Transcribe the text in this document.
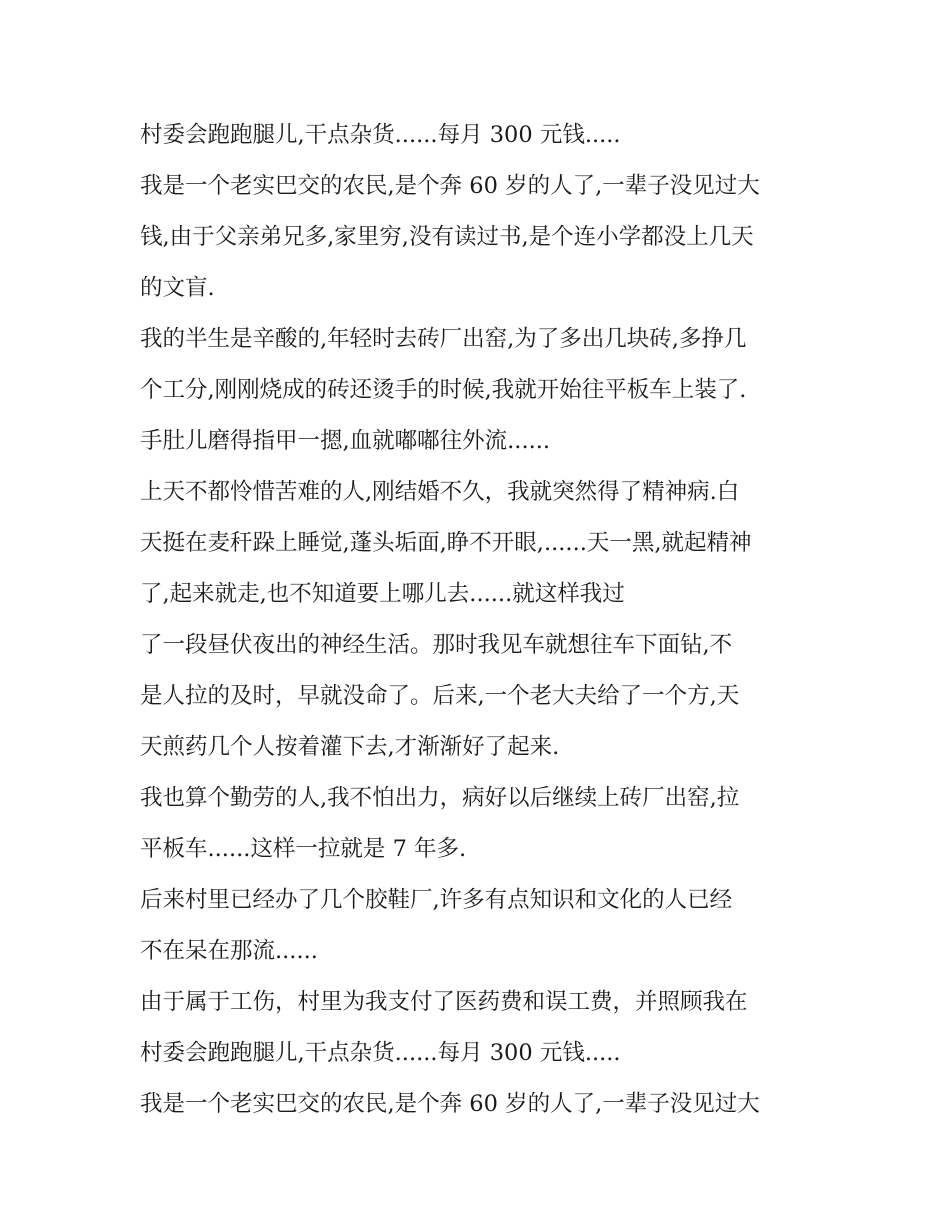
村委会跑跑腿儿,干点杂货......每月 300 元钱.....
我是一个老实巴交的农民,是个奔 60 岁的人了,一辈子没见过大
钱,由于父亲弟兄多,家里穷,没有读过书,是个连小学都没上几天
的文盲.
我的半生是辛酸的,年轻时去砖厂出窑,为了多出几块砖,多挣几
个工分,刚刚烧成的砖还烫手的时候,我就开始往平板车上装了.
手肚儿磨得指甲一摁,血就嘟嘟往外流......
上天不都怜惜苦难的人,刚结婚不久，我就突然得了精神病.白
天挺在麦秆跺上睡觉,蓬头垢面,睁不开眼,......天一黑,就起精神
了,起来就走,也不知道要上哪儿去......就这样我过
了一段昼伏夜出的神经生活。那时我见车就想往车下面钻,不
是人拉的及时，早就没命了。后来,一个老大夫给了一个方,天
天煎药几个人按着灌下去,才渐渐好了起来.
我也算个勤劳的人,我不怕出力，病好以后继续上砖厂出窑,拉
平板车......这样一拉就是 7 年多.
后来村里已经办了几个胶鞋厂,许多有点知识和文化的人已经
不在呆在那流......
由于属于工伤，村里为我支付了医药费和误工费，并照顾我在
村委会跑跑腿儿,干点杂货......每月 300 元钱.....
我是一个老实巴交的农民,是个奔 60 岁的人了,一辈子没见过大
